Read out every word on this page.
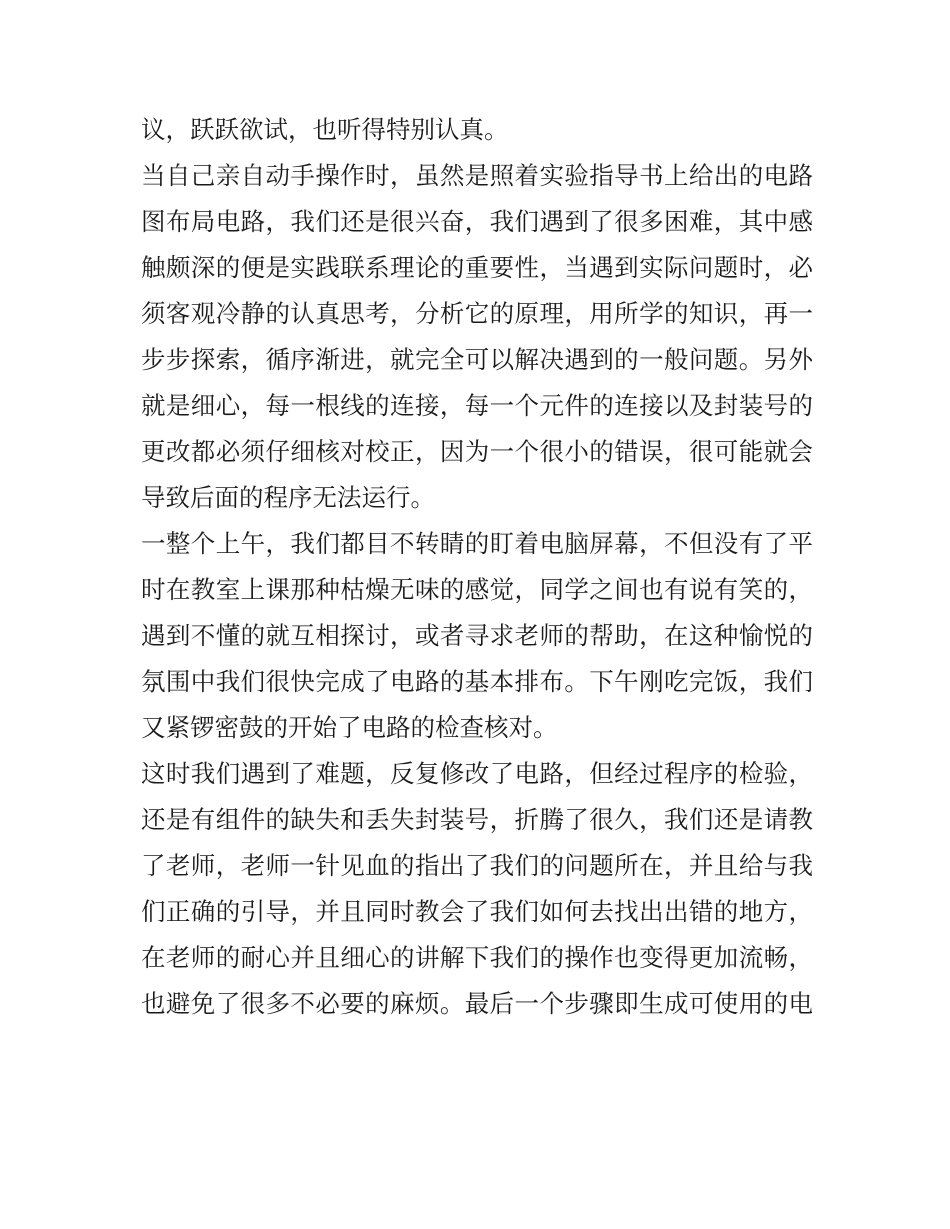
议，跃跃欲试，也听得特别认真。
当自己亲自动手操作时，虽然是照着实验指导书上给出的电路
图布局电路，我们还是很兴奋，我们遇到了很多困难，其中感
触颇深的便是实践联系理论的重要性，当遇到实际问题时，必
须客观冷静的认真思考，分析它的原理，用所学的知识，再一
步步探索，循序渐进，就完全可以解决遇到的一般问题。另外
就是细心，每一根线的连接，每一个元件的连接以及封装号的
更改都必须仔细核对校正，因为一个很小的错误，很可能就会
导致后面的程序无法运行。
一整个上午，我们都目不转睛的盯着电脑屏幕，不但没有了平
时在教室上课那种枯燥无味的感觉，同学之间也有说有笑的，
遇到不懂的就互相探讨，或者寻求老师的帮助，在这种愉悦的
氛围中我们很快完成了电路的基本排布。下午刚吃完饭，我们
又紧锣密鼓的开始了电路的检查核对。
这时我们遇到了难题，反复修改了电路，但经过程序的检验，
还是有组件的缺失和丢失封装号，折腾了很久，我们还是请教
了老师，老师一针见血的指出了我们的问题所在，并且给与我
们正确的引导，并且同时教会了我们如何去找出出错的地方，
在老师的耐心并且细心的讲解下我们的操作也变得更加流畅，
也避免了很多不必要的麻烦。最后一个步骤即生成可使用的电
